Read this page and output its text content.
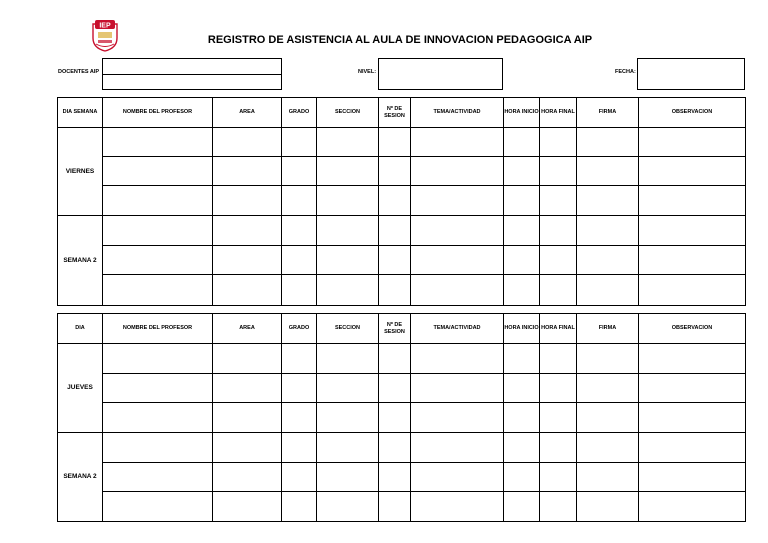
IEP
REGISTRO DE ASISTENCIA AL AULA DE INNOVACION PEDAGOGICA AIP
DOCENTES AIP	NIVEL:	FECHA:
DIA SEMANA	NOMBRE DEL PROFESOR	AREA	GRADO	SECCION	Nº DE SESION	TEMA/ACTIVIDAD	HORA INICIO	HORA FINAL	FIRMA	OBSERVACION
VIERNES										

SEMANA 2										

DIA	NOMBRE DEL PROFESOR	AREA	GRADO	SECCION	Nº DE SESION	TEMA/ACTIVIDAD	HORA INICIO	HORA FINAL	FIRMA	OBSERVACION
JUEVES										

SEMANA 2										
